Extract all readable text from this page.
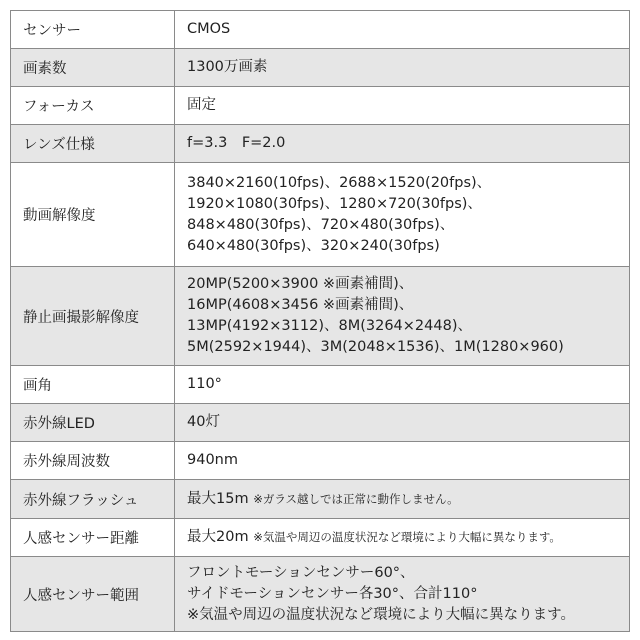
センサー	CMOS
画素数	1300万画素
フォーカス	固定
レンズ仕様	f=3.3　F=2.0
動画解像度	3840×2160(10fps)、2688×1520(20fps)、
1920×1080(30fps)、1280×720(30fps)、
848×480(30fps)、720×480(30fps)、
640×480(30fps)、320×240(30fps)

静止画撮影解像度	20MP(5200×3900 ※画素補間)、
16MP(4608×3456 ※画素補間)、
13MP(4192×3112)、8M(3264×2448)、
5M(2592×1944)、3M(2048×1536)、1M(1280×960)

画角	110°
赤外線LED	40灯
赤外線周波数	940nm
赤外線フラッシュ	最大15m ※ガラス越しでは正常に動作しません。
人感センサー距離	最大20m ※気温や周辺の温度状況など環境により大幅に異なります。
人感センサー範囲	フロントモーションセンサー60°、
サイドモーションセンサー各30°、合計110°
※気温や周辺の温度状況など環境により大幅に異なります。
